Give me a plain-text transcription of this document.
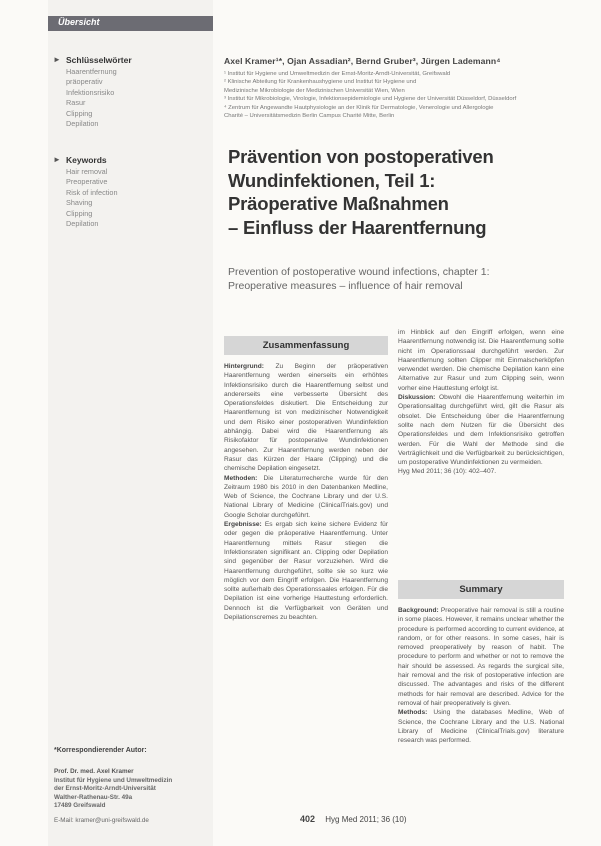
Übersicht
► Schlüsselwörter
Haarentfernung
präoperativ
Infektionsrisiko
Rasur
Clipping
Depilation
► Keywords
Hair removal
Preoperative
Risk of infection
Shaving
Clipping
Depilation
*Korrespondierender Autor:
Prof. Dr. med. Axel Kramer
Institut für Hygiene und Umweltmedizin
der Ernst-Moritz-Arndt-Universität
Walther-Rathenau-Str. 49a
17489 Greifswald
E-Mail: kramer@uni-greifswald.de
Axel Kramer¹*, Ojan Assadian², Bernd Gruber³, Jürgen Lademann⁴
¹ Institut für Hygiene und Umweltmedizin der Ernst-Moritz-Arndt-Universität, Greifswald
² Klinische Abteilung für Krankenhaushygiene und Institut für Hygiene und
Medizinische Mikrobiologie der Medizinischen Universität Wien, Wien
³ Institut für Mikrobiologie, Virologie, Infektionsepidemiologie und Hygiene der Universität Düsseldorf, Düsseldorf
⁴ Zentrum für Angewandte Hautphysiologie an der Klinik für Dermatologie, Venerologie und Allergologie
Charité – Universitätsmedizin Berlin Campus Charité Mitte, Berlin
Prävention von postoperativen
Wundinfektionen, Teil 1:
Präoperative Maßnahmen
– Einfluss der Haarentfernung
Prevention of postoperative wound infections, chapter 1:
Preoperative measures – influence of hair removal
Zusammenfassung
Hintergrund: Zu Beginn der präoperativen Haarentfernung werden einerseits ein erhöhtes Infektionsrisiko durch die Haarentfernung selbst und andererseits eine verbesserte Übersicht des Operationsfeldes diskutiert. Die Entscheidung zur Haarentfernung ist von medizinischer Notwendigkeit und dem Risiko einer postoperativen Wundinfektion abhängig. Dabei wird die Haarentfernung als Risikofaktor für postoperative Wundinfektionen angesehen. Zur Haarentfernung werden neben der Rasur das Kürzen der Haare (Clipping) und die chemische Depilation eingesetzt.
Methoden: Die Literaturrecherche wurde für den Zeitraum 1980 bis 2010 in den Datenbanken Medline, Web of Science, the Cochrane Library und der U.S. National Library of Medicine (ClinicalTrials.gov) und Google Scholar durchgeführt.
Ergebnisse: Es ergab sich keine sichere Evidenz für oder gegen die präoperative Haarentfernung. Unter Haarentfernung mittels Rasur stiegen die Infektionsraten signifikant an. Clipping oder Depilation sind gegenüber der Rasur vorzuziehen. Wird die Haarentfernung durchgeführt, sollte sie so kurz wie möglich vor dem Eingriff erfolgen. Die Haarentfernung sollte außerhalb des Operationssaales erfolgen. Für die Depilation ist eine vorherige Hauttestung erforderlich. Dennoch ist die Verfügbarkeit von Geräten und Depilationscremes zu beachten.
im Hinblick auf den Eingriff erfolgen, wenn eine Haarentfernung notwendig ist. Die Haarentfernung sollte nicht im Operationssaal durchgeführt werden. Zur Haarentfernung sollten Clipper mit Einmalscherköpfen verwendet werden. Die chemische Depilation kann eine Alternative zur Rasur und zum Clipping sein, wenn vorher eine Hauttestung erfolgt ist.
Diskussion: Obwohl die Haarentfernung weiterhin im Operationsalltag durchgeführt wird, gilt die Rasur als obsolet. Die Entscheidung über die Haarentfernung sollte nach dem Nutzen für die Übersicht des Operationsfeldes und dem Infektionsrisiko getroffen werden. Für die Wahl der Methode sind die Verträglichkeit und die Verfügbarkeit zu berücksichtigen, um postoperative Wundinfektionen zu vermeiden.
Hyg Med 2011; 36 (10): 402–407.
Summary
Background: Preoperative hair removal is still a routine in some places. However, it remains unclear whether the procedure is performed according to current evidence, at random, or for other reasons. In some cases, hair is removed preoperatively by reason of habit. The procedure to perform and whether or not to remove the hair should be assessed. As regards the surgical site, hair removal and the risk of postoperative infection are discussed. The advantages and risks of the different methods for hair removal are described. Advice for the removal of hair preoperatively is given.
Methods: Using the databases Medline, Web of Science, the Cochrane Library and the U.S. National Library of Medicine (ClinicalTrials.gov) literature research was performed.
402 Hyg Med 2011; 36 (10)
